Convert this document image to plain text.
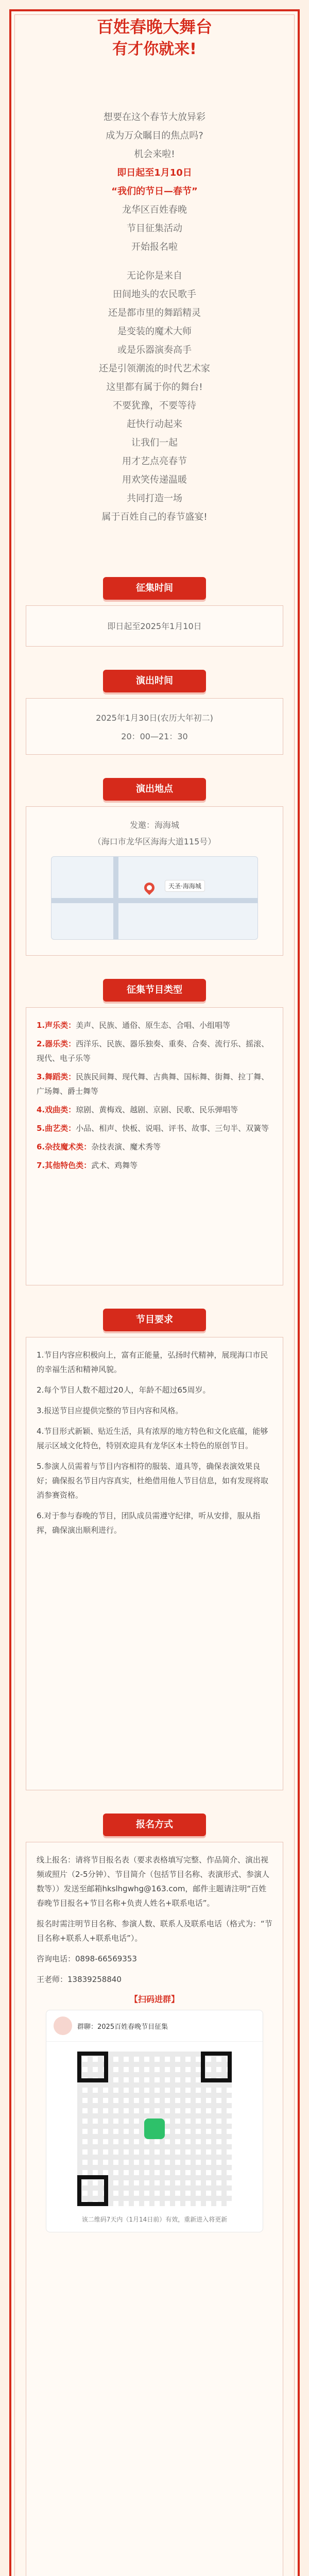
百姓春晚大舞台
有才你就来!
想要在这个春节大放异彩
成为万众瞩目的焦点吗?
机会来啦!
即日起至1月10日
“我们的节日—春节”
龙华区百姓春晚
节目征集活动
开始报名啦
无论你是来自
田间地头的农民歌手
还是都市里的舞蹈精灵
是变装的魔术大师
或是乐器演奏高手
还是引领潮流的时代艺术家
这里都有属于你的舞台!
不要犹豫，不要等待
赶快行动起来
让我们一起
用才艺点亮春节
用欢笑传递温暖
共同打造一场
属于百姓自己的春节盛宴!
征集时间
即日起至2025年1月10日
演出时间
2025年1月30日(农历大年初二)
20：00—21：30
演出地点
发邀：海海城
（海口市龙华区海海大道115号）
天圣·海海城
征集节目类型
1.声乐类：美声、民族、通俗、原生态、合唱、小组唱等
2.器乐类：西洋乐、民族、器乐独奏、重奏、合奏、流行乐、摇滚、现代、电子乐等
3.舞蹈类：民族民间舞、现代舞、古典舞、国标舞、街舞、拉丁舞、广场舞、爵士舞等
4.戏曲类：琼剧、黄梅戏、越剧、京剧、民歌、民乐弹唱等
5.曲艺类：小品、相声、快板、说唱、评书、故事、三句半、双簧等
6.杂技魔术类：杂技表演、魔术秀等
7.其他特色类：武术、鸡舞等
节目要求

1.节目内容应积极向上，富有正能量，弘扬时代精神，展现海口市民的幸福生活和精神风貌。

2.每个节目人数不超过20人，年龄不超过65周岁。

3.报送节目应提供完整的节目内容和风格。

4.节目形式新颖、贴近生活，具有浓厚的地方特色和文化底蕴，能够展示区域文化特色，特别欢迎具有龙华区本土特色的原创节目。

5.参演人员需着与节目内容相符的服装、道具等，确保表演效果良好；确保报名节目内容真实，杜绝借用他人节目信息，如有发现将取消参赛资格。

6.对于参与春晚的节目，团队成员需遵守纪律，听从安排，服从指挥，确保演出顺利进行。

报名方式

线上报名：请将节目报名表（要求表格填写完整、作品简介、演出视频或照片（2-5分钟）、节目简介（包括节目名称、表演形式、参演人数等））发送至邮箱hkslhgwhg@163.com，邮件主题请注明“百姓春晚节目报名+节目名称+负责人姓名+联系电话”。

报名时需注明节目名称、参演人数、联系人及联系电话（格式为：“节目名称+联系人+联系电话”）。

咨询电话：0898-66569353

王老师：13839258840

【扫码进群】
群聊：2025百姓春晚节目征集
该二维码7天内（1月14日前）有效，重新进入将更新
